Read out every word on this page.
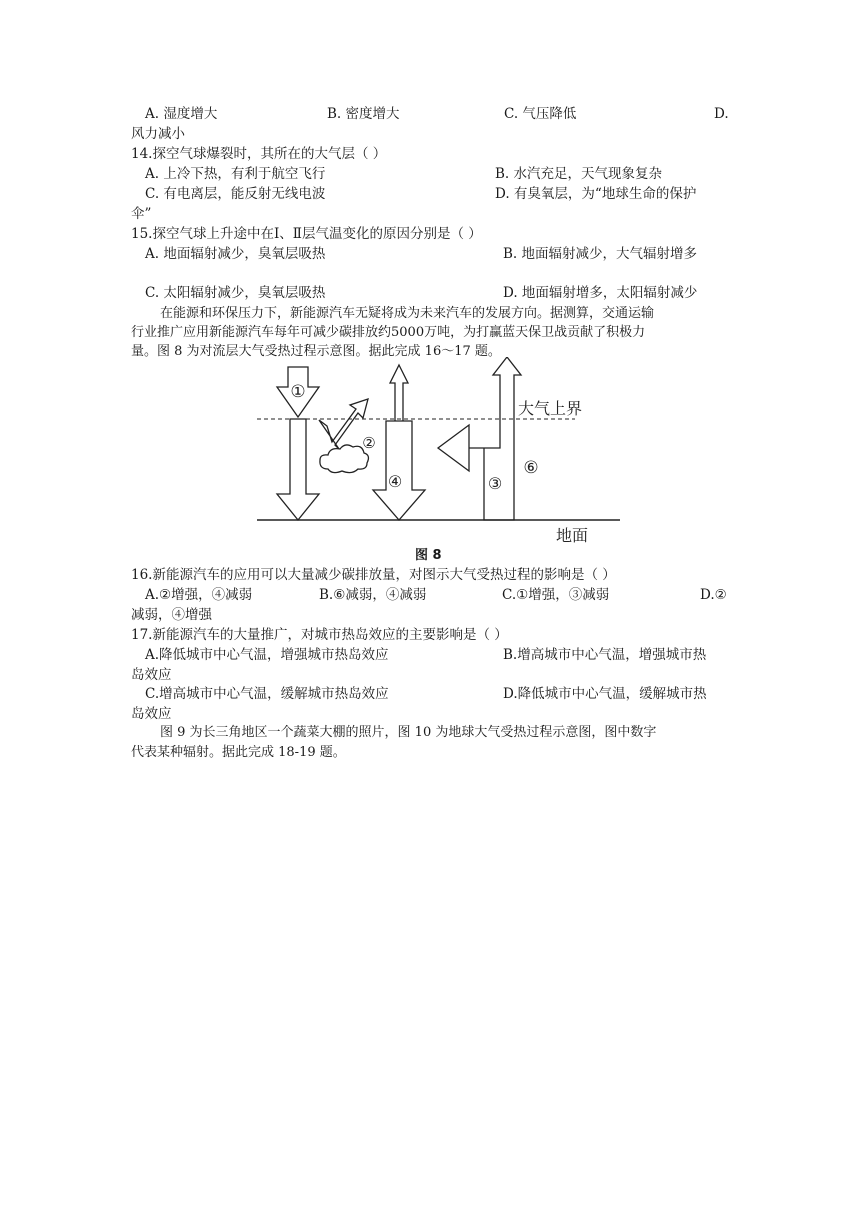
A. 湿度增大	B. 密度增大	C. 气压降低	D.
风力减小
14.探空气球爆裂时，其所在的大气层（ ）
A. 上冷下热，有利于航空飞行	B. 水汽充足，天气现象复杂
C. 有电离层，能反射无线电波	D. 有臭氧层，为“地球生命的保护
伞”
15.探空气球上升途中在Ⅰ、Ⅱ层气温变化的原因分别是（ ）
A. 地面辐射减少，臭氧层吸热	B. 地面辐射减少，大气辐射增多
C. 太阳辐射减少，臭氧层吸热	D. 地面辐射增多，太阳辐射减少
在能源和环保压力下，新能源汽车无疑将成为未来汽车的发展方向。据测算，交通运输
行业推广应用新能源汽车每年可减少碳排放约5000万吨，为打赢蓝天保卫战贡献了积极力
量。图 8 为对流层大气受热过程示意图。据此完成 16～17 题。
①
②
④	③
⑥
大气上界
地面
图 8
16.新能源汽车的应用可以大量减少碳排放量，对图示大气受热过程的影响是（ ）
A.②增强，④减弱	B.⑥减弱，④减弱	C.①增强，③减弱	D.②
减弱，④增强
17.新能源汽车的大量推广，对城市热岛效应的主要影响是（ ）
A.降低城市中心气温，增强城市热岛效应	B.增高城市中心气温，增强城市热
岛效应
C.增高城市中心气温，缓解城市热岛效应	D.降低城市中心气温，缓解城市热
岛效应
图 9 为长三角地区一个蔬菜大棚的照片，图 10 为地球大气受热过程示意图，图中数字
代表某种辐射。据此完成 18-19 题。
